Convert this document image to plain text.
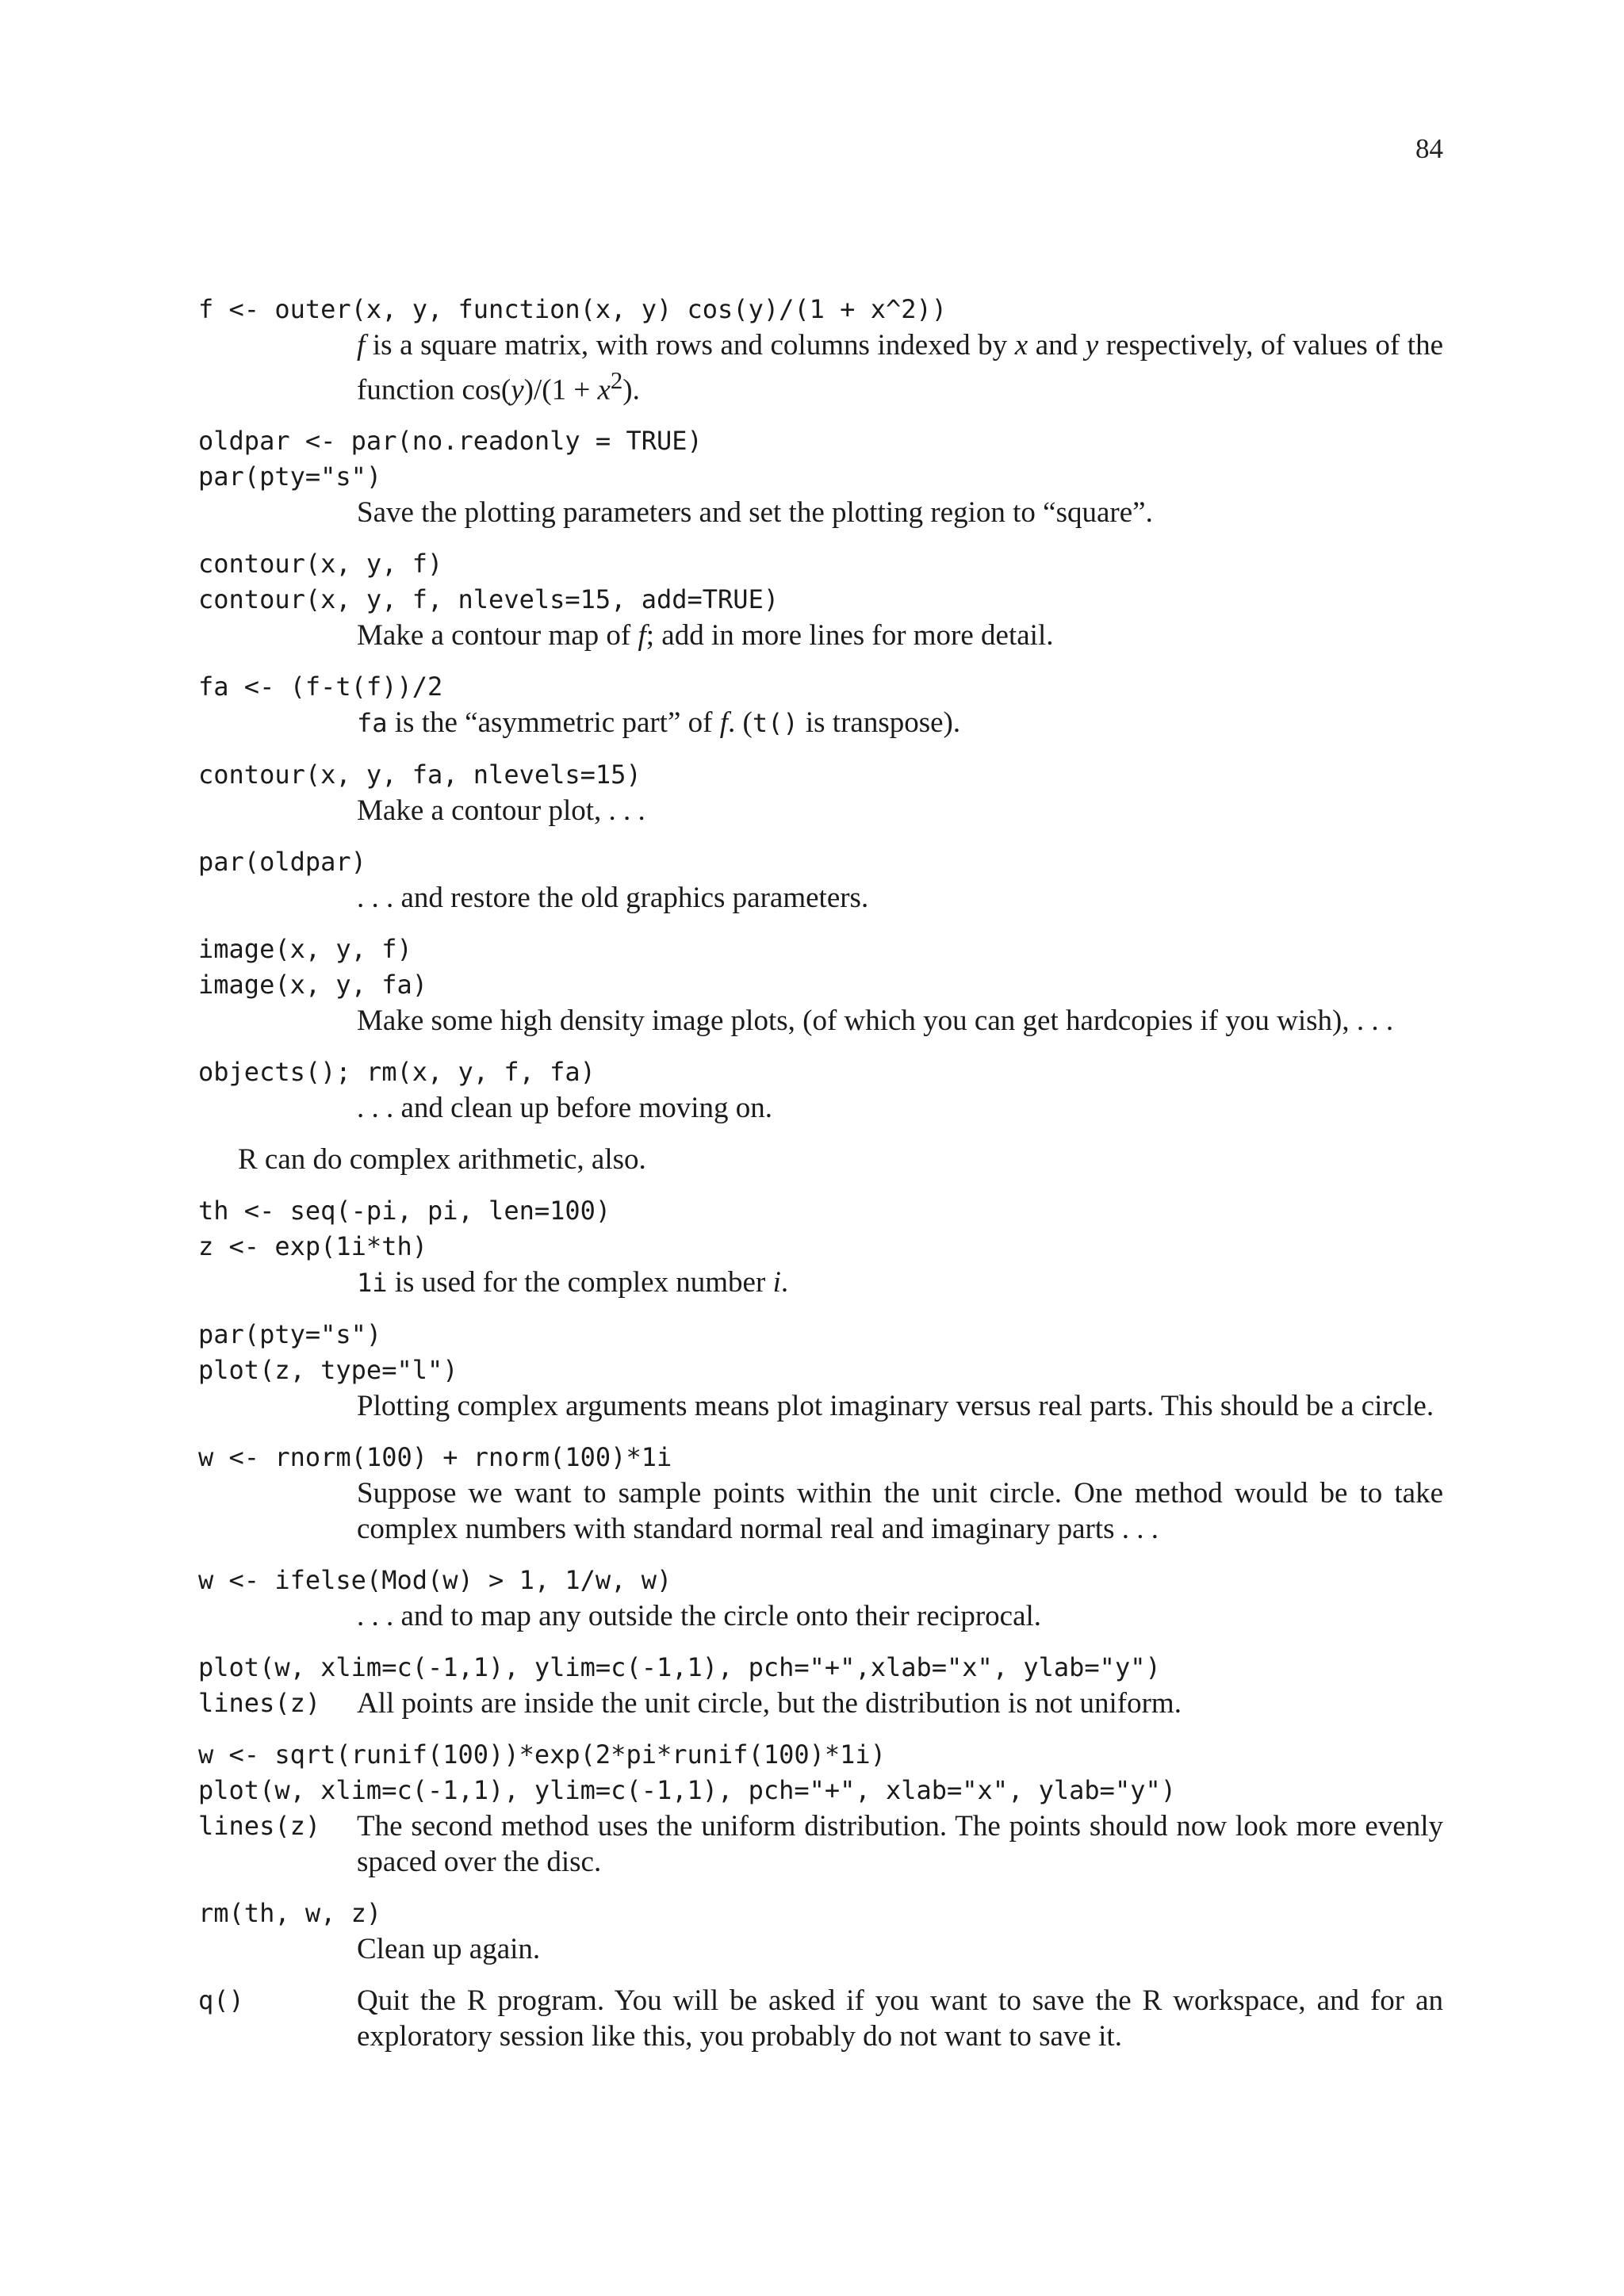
84
f <- outer(x, y, function(x, y) cos(y)/(1 + x^2))
f is a square matrix, with rows and columns indexed by x and y respectively, of values of the function $\cos(y)/(1 + x^2)$.
oldpar <- par(no.readonly = TRUE)
par(pty="s")
Save the plotting parameters and set the plotting region to “square”.
contour(x, y, f)
contour(x, y, f, nlevels=15, add=TRUE)
Make a contour map of f; add in more lines for more detail.
fa <- (f-t(f))/2
fa is the “asymmetric part” of f. (t() is transpose).
contour(x, y, fa, nlevels=15)
Make a contour plot, . . .
par(oldpar)
. . . and restore the old graphics parameters.
image(x, y, f)
image(x, y, fa)
Make some high density image plots, (of which you can get hardcopies if you wish), . . .
objects(); rm(x, y, f, fa)
. . . and clean up before moving on.
R can do complex arithmetic, also.
th <- seq(-pi, pi, len=100)
z <- exp(1i*th)
1i is used for the complex number i.
par(pty="s")
plot(z, type="l")
Plotting complex arguments means plot imaginary versus real parts. This should be a circle.
w <- rnorm(100) + rnorm(100)*1i
Suppose we want to sample points within the unit circle. One method would be to take complex numbers with standard normal real and imaginary parts . . .
w <- ifelse(Mod(w) > 1, 1/w, w)
. . . and to map any outside the circle onto their reciprocal.
plot(w, xlim=c(-1,1), ylim=c(-1,1), pch="+",xlab="x", ylab="y")
lines(z)	All points are inside the unit circle, but the distribution is not uniform.
w <- sqrt(runif(100))*exp(2*pi*runif(100)*1i)
plot(w, xlim=c(-1,1), ylim=c(-1,1), pch="+", xlab="x", ylab="y")
lines(z)	The second method uses the uniform distribution. The points should now look more evenly spaced over the disc.
rm(th, w, z)
Clean up again.
q()	Quit the R program. You will be asked if you want to save the R workspace, and for an exploratory session like this, you probably do not want to save it.
